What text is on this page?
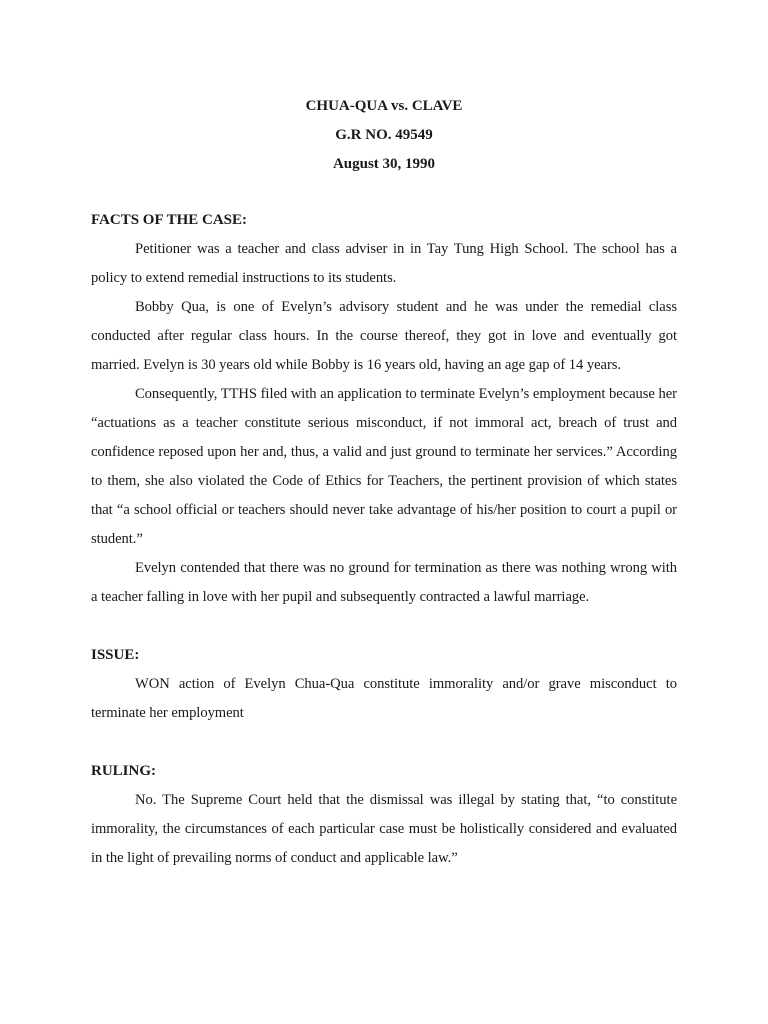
CHUA-QUA vs. CLAVE
G.R NO. 49549
August 30, 1990

FACTS OF THE CASE:

Petitioner was a teacher and class adviser in in Tay Tung High School. The school has a policy to extend remedial instructions to its students.

Bobby Qua, is one of Evelyn’s advisory student and he was under the remedial class conducted after regular class hours. In the course thereof, they got in love and eventually got married. Evelyn is 30 years old while Bobby is 16 years old, having an age gap of 14 years.

Consequently, TTHS filed with an application to terminate Evelyn’s employment because her “actuations as a teacher constitute serious misconduct, if not immoral act, breach of trust and confidence reposed upon her and, thus, a valid and just ground to terminate her services.” According to them, she also violated the Code of Ethics for Teachers, the pertinent provision of which states that “a school official or teachers should never take advantage of his/her position to court a pupil or student.”

Evelyn contended that there was no ground for termination as there was nothing wrong with a teacher falling in love with her pupil and subsequently contracted a lawful marriage.

ISSUE:

WON action of Evelyn Chua-Qua constitute immorality and/or grave misconduct to terminate her employment

RULING:

No. The Supreme Court held that the dismissal was illegal by stating that, “to constitute immorality, the circumstances of each particular case must be holistically considered and evaluated in the light of prevailing norms of conduct and applicable law.”
